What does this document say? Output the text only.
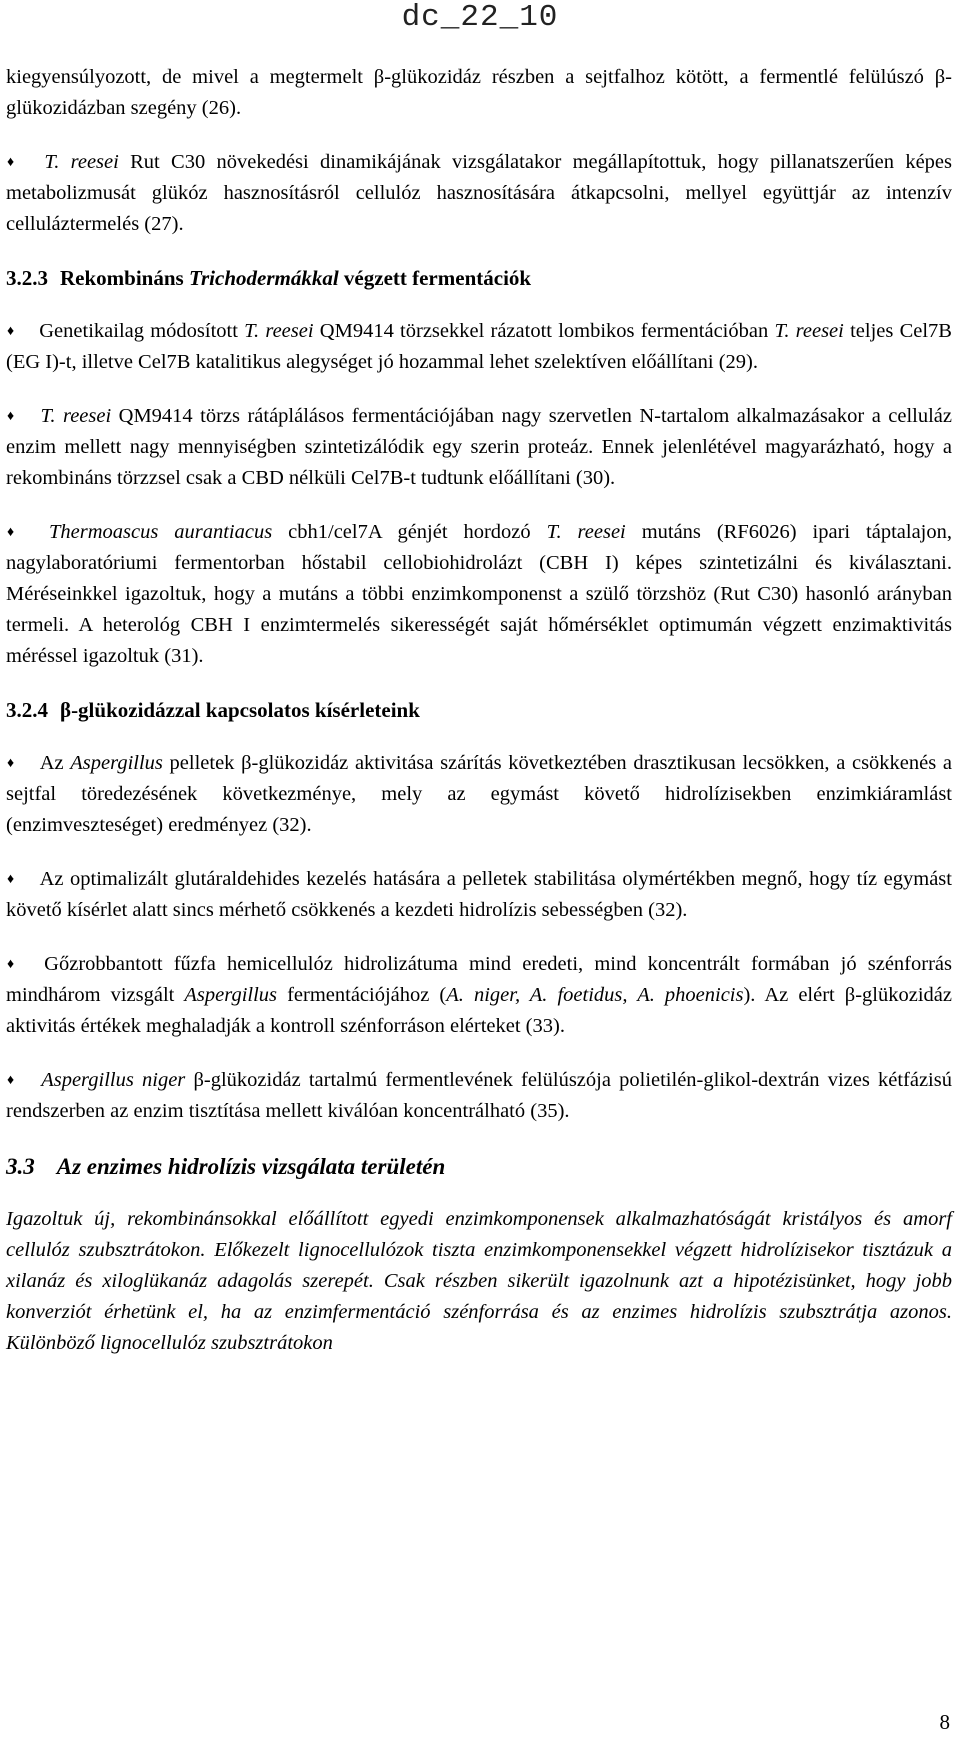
dc_22_10

kiegyensúlyozott, de mivel a megtermelt β-glükozidáz részben a sejtfalhoz kötött, a fermentlé felülúszó β-glükozidázban szegény (26).

♦ T. reesei Rut C30 növekedési dinamikájának vizsgálatakor megállapítottuk, hogy pillanatszerűen képes metabolizmusát glükóz hasznosításról cellulóz hasznosítására átkapcsolni, mellyel együttjár az intenzív celluláztermelés (27).

3.2.3 Rekombináns Trichodermákkal végzett fermentációk

♦ Genetikailag módosított T. reesei QM9414 törzsekkel rázatott lombikos fermentációban T. reesei teljes Cel7B (EG I)-t, illetve Cel7B katalitikus alegységet jó hozammal lehet szelektíven előállítani (29).

♦ T. reesei QM9414 törzs rátáplálásos fermentációjában nagy szervetlen N-tartalom alkalmazásakor a celluláz enzim mellett nagy mennyiségben szintetizálódik egy szerin proteáz. Ennek jelenlétével magyarázható, hogy a rekombináns törzzsel csak a CBD nélküli Cel7B-t tudtunk előállítani (30).

♦ Thermoascus aurantiacus cbh1/cel7A génjét hordozó T. reesei mutáns (RF6026) ipari táptalajon, nagylaboratóriumi fermentorban hőstabil cellobiohidrolázt (CBH I) képes szintetizálni és kiválasztani. Méréseinkkel igazoltuk, hogy a mutáns a többi enzimkomponenst a szülő törzshöz (Rut C30) hasonló arányban termeli. A heterológ CBH I enzimtermelés sikerességét saját hőmérséklet optimumán végzett enzimaktivitás méréssel igazoltuk (31).

3.2.4 β-glükozidázzal kapcsolatos kísérleteink

♦ Az Aspergillus pelletek β-glükozidáz aktivitása szárítás következtében drasztikusan lecsökken, a csökkenés a sejtfal töredezésének következménye, mely az egymást követő hidrolízisekben enzimkiáramlást (enzimveszteséget) eredményez (32).

♦ Az optimalizált glutáraldehides kezelés hatására a pelletek stabilitása olymértékben megnő, hogy tíz egymást követő kísérlet alatt sincs mérhető csökkenés a kezdeti hidrolízis sebességben (32).

♦ Gőzrobbantott fűzfa hemicellulóz hidrolizátuma mind eredeti, mind koncentrált formában jó szénforrás mindhárom vizsgált Aspergillus fermentációjához (A. niger, A. foetidus, A. phoenicis). Az elért β-glükozidáz aktivitás értékek meghaladják a kontroll szénforráson elérteket (33).

♦ Aspergillus niger β-glükozidáz tartalmú fermentlevének felülúszója polietilén-glikol-dextrán vizes kétfázisú rendszerben az enzim tisztítása mellett kiválóan koncentrálható (35).

3.3 Az enzimes hidrolízis vizsgálata területén

Igazoltuk új, rekombinánsokkal előállított egyedi enzimkomponensek alkalmazhatóságát kristályos és amorf cellulóz szubsztrátokon. Előkezelt lignocellulózok tiszta enzimkomponensekkel végzett hidrolízisekor tisztázuk a xilanáz és xiloglükanáz adagolás szerepét. Csak részben sikerült igazolnunk azt a hipotézisünket, hogy jobb konverziót érhetünk el, ha az enzimfermentáció szénforrása és az enzimes hidrolízis szubsztrátja azonos. Különböző lignocellulóz szubsztrátokon

8
